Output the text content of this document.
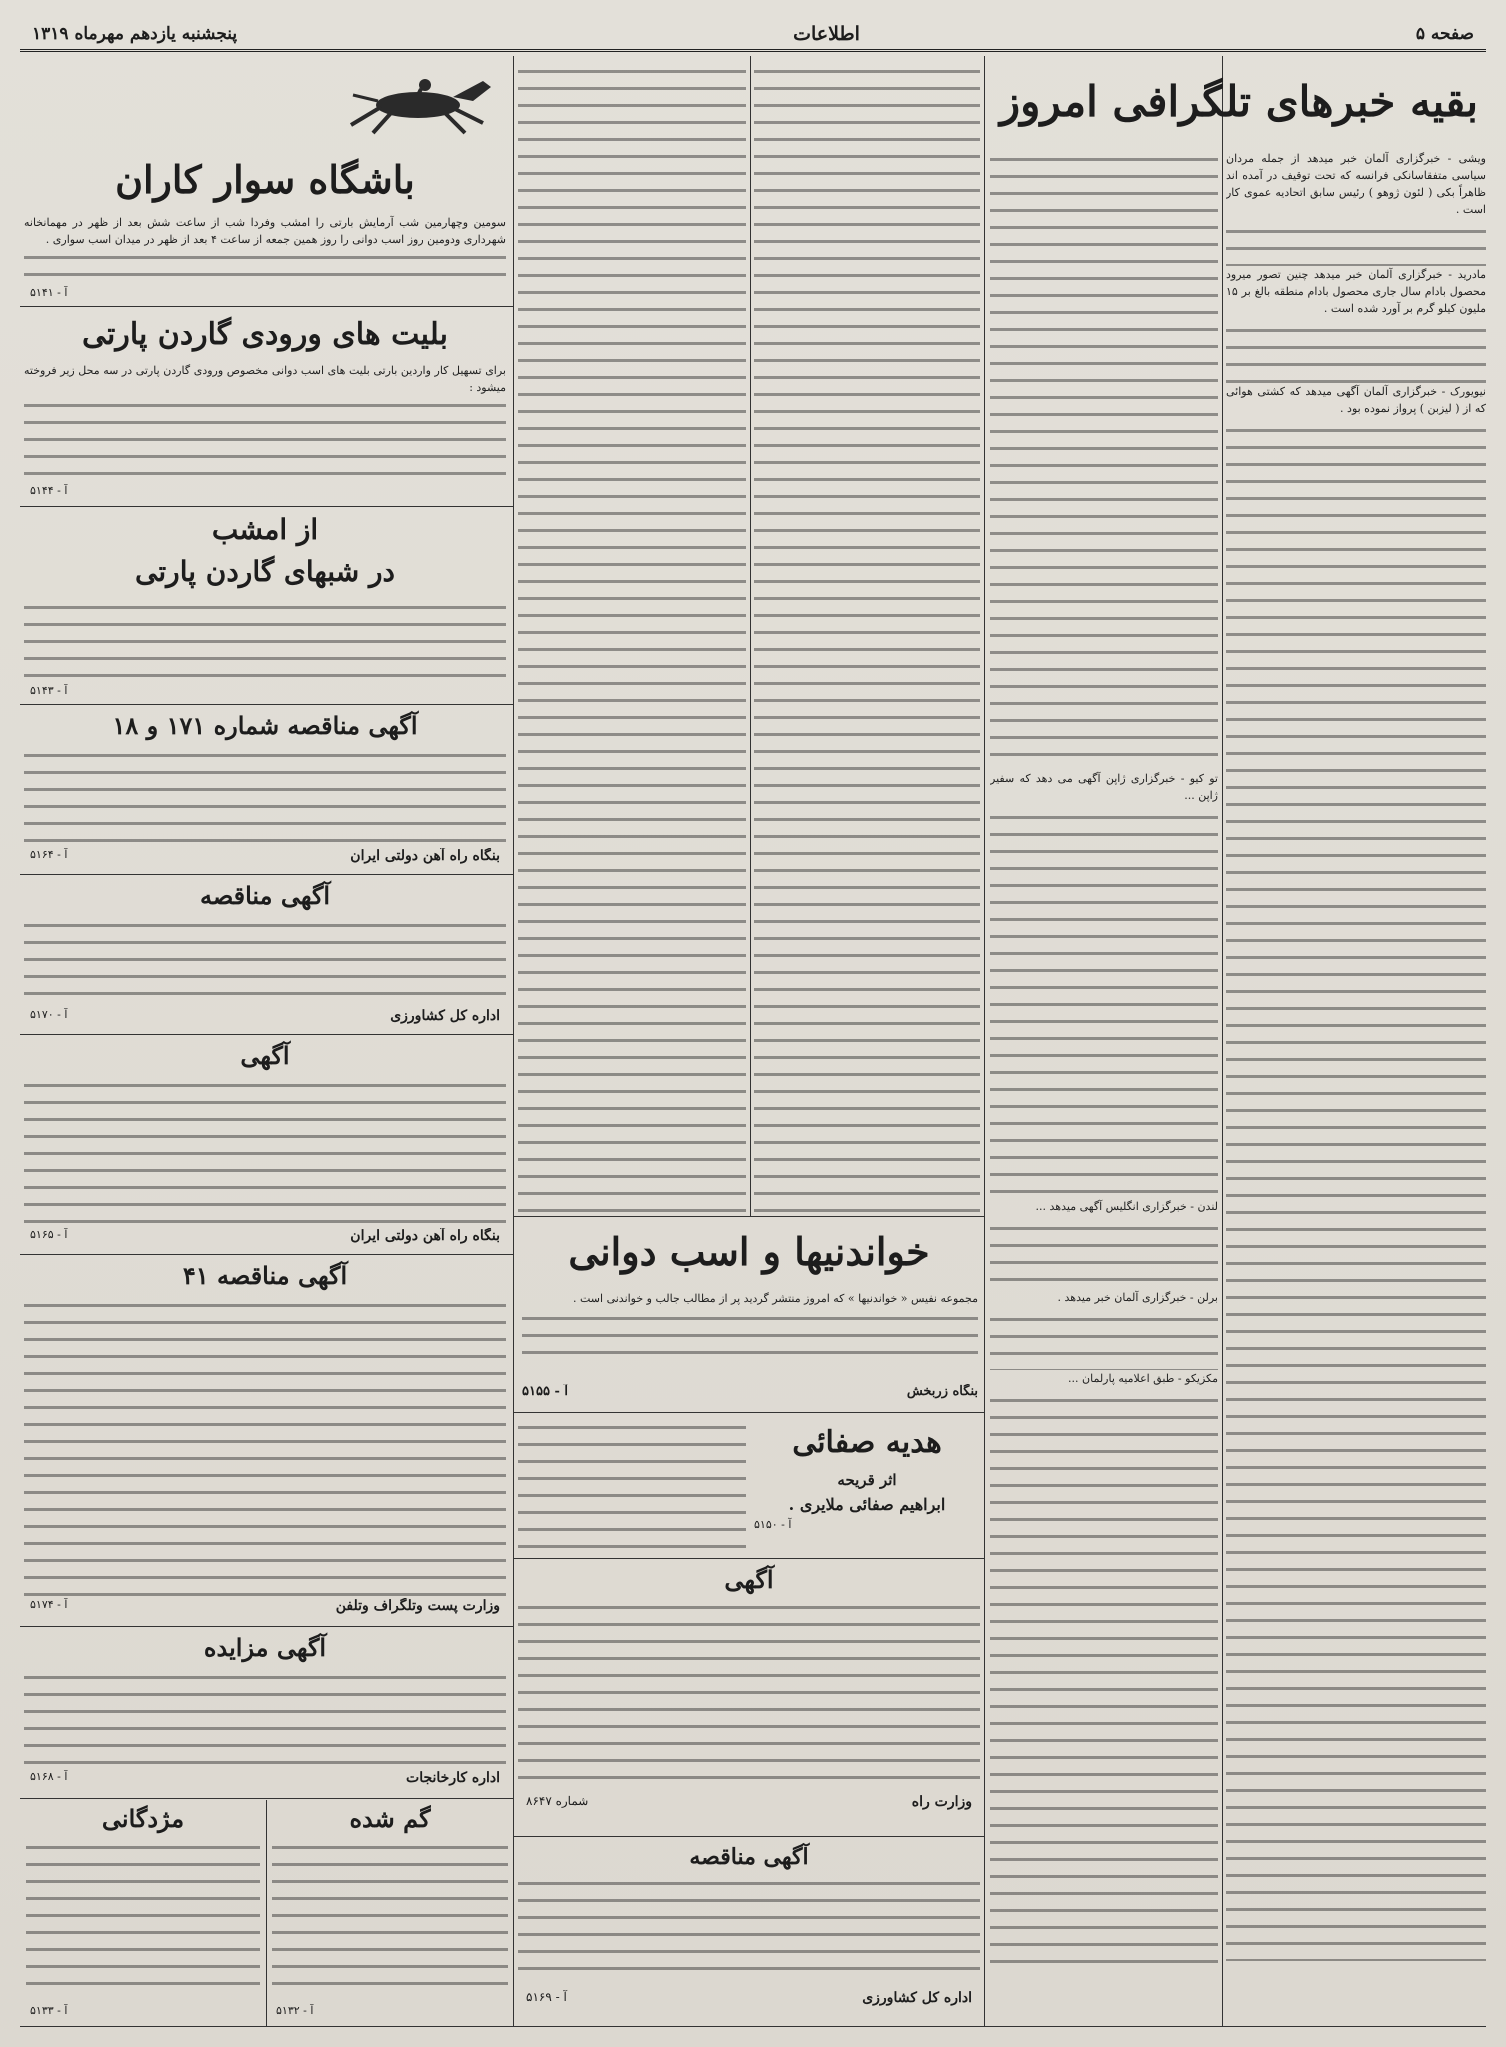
صفحه ۵
اطلاعات
پنجشنبه یازدهم مهرماه ۱۳۱۹
بقیه خبرهای تلگرافی امروز
ویشی - خبرگزاری آلمان خبر میدهد از جمله مردان سیاسی متفقاسانکی فرانسه که تحت توقیف در آمده اند ظاهراً بکی ( لئون ژوهو ) رئیس سابق اتحادیه عموی کار است .
مادرید - خبرگزاری آلمان خبر میدهد چنین تصور میرود محصول بادام سال جاری محصول بادام منطقه بالغ بر ۱۵ ملیون کیلو گرم بر آورد شده است .
نیویورک - خبرگزاری آلمان آگهی میدهد که کشتی هوائی که از ( لیزبن ) پرواز نموده بود .
تو کیو - خبرگزاری ژاپن آگهی می دهد که سفیر ژاپن ...
لندن - خبرگزاری انگلیس آگهی میدهد ...
برلن - خبرگزاری آلمان خبر میدهد .
مکزیکو - طبق اعلامیه پارلمان ...
خواندنیها و اسب دوانی
مجموعه نفیس « خواندنیها » که امروز منتشر گردید پر از مطالب جالب و خواندنی است .
بنگاه زربخش
آ - ۵۱۵۵
هدیه صفائی
اثر قریحه
ابراهیم صفائی ملایری .
آ - ۵۱۵۰
آگهی
وزارت راه
شماره ۸۶۴۷
آگهی مناقصه
اداره کل کشاورزی
آ - ۵۱۶۹
باشگاه سوار کاران
سومین وچهارمین شب آرمایش بارتی را امشب وفردا شب از ساعت شش بعد از ظهر در مهمانخانه شهرداری ودومین روز اسب دوانی را روز همین جمعه از ساعت ۴ بعد از ظهر در میدان اسب سواری .
آ - ۵۱۴۱
بلیت های ورودی گاردن پارتی
برای تسهیل کار واردین بارتی بلیت های اسب دوانی مخصوص ورودی گاردن پارتی در سه محل زیر فروخته میشود :
آ - ۵۱۴۴
از امشب
در شبهای گاردن پارتی
آ - ۵۱۴۳
آگهی مناقصه شماره ۱۷۱ و ۱۸
بنگاه راه آهن دولتی ایران
آ - ۵۱۶۴
آگهی مناقصه
اداره کل کشاورزی
آ - ۵۱۷۰
آگهی
بنگاه راه آهن دولتی ایران
آ - ۵۱۶۵
آگهی مناقصه ۴۱
وزارت پست وتلگراف وتلفن
آ - ۵۱۷۴
آگهی مزایده
اداره کارخانجات
آ - ۵۱۶۸
گم شده
آ - ۵۱۳۲
مژدگانی
آ - ۵۱۳۳
